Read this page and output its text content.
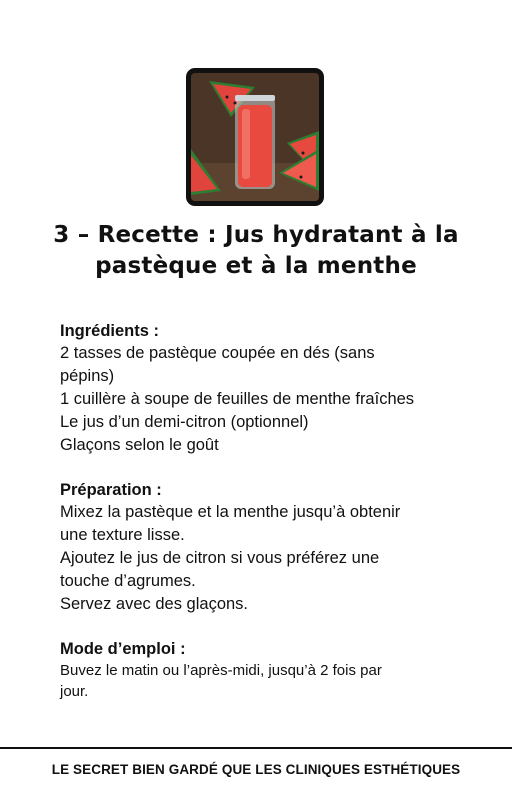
3 – Recette : Jus hydratant à la pastèque et à la menthe

Ingrédients :

2 tasses de pastèque coupée en dés (sans

pépins)

1 cuillère à soupe de feuilles de menthe fraîches

Le jus d’un demi-citron (optionnel)

Glaçons selon le goût

Préparation :

Mixez la pastèque et la menthe jusqu’à obtenir

une texture lisse.

Ajoutez le jus de citron si vous préférez une

touche d’agrumes.

Servez avec des glaçons.

Mode d’emploi :

Buvez le matin ou l’après-midi, jusqu’à 2 fois par

jour.

LE SECRET BIEN GARDÉ QUE LES CLINIQUES ESTHÉTIQUES
